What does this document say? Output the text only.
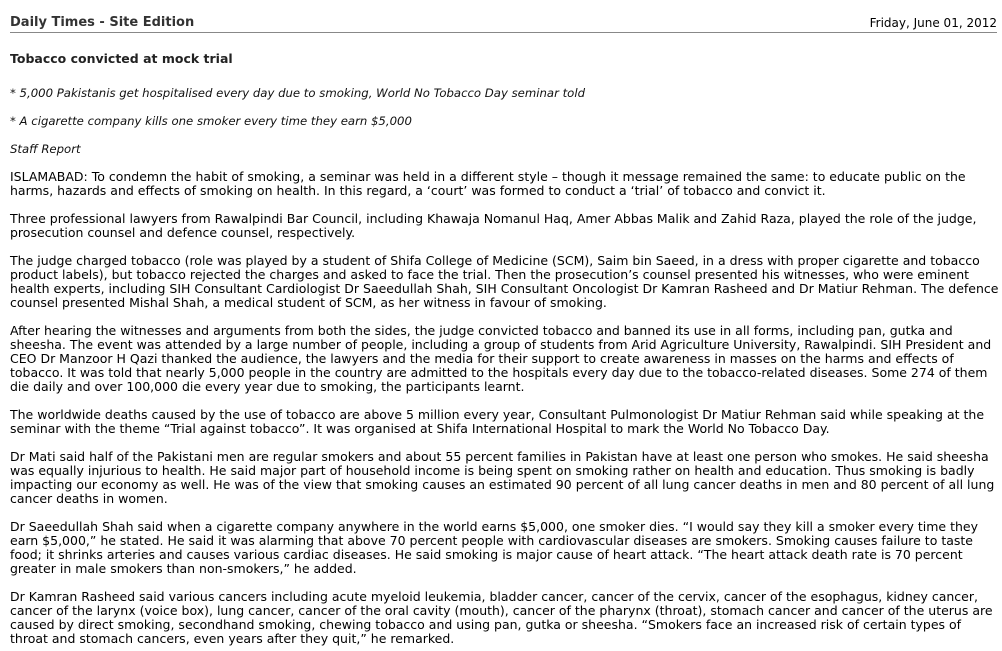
Daily Times - Site Edition	Friday, June 01, 2012
Tobacco convicted at mock trial
* 5,000 Pakistanis get hospitalised every day due to smoking, World No Tobacco Day seminar told
* A cigarette company kills one smoker every time they earn $5,000
Staff Report

ISLAMABAD: To condemn the habit of smoking, a seminar was held in a different style – though it message remained the same: to educate public on the harms, hazards and effects of smoking on health. In this regard, a ‘court’ was formed to conduct a ‘trial’ of tobacco and convict it.

Three professional lawyers from Rawalpindi Bar Council, including Khawaja Nomanul Haq, Amer Abbas Malik and Zahid Raza, played the role of the judge, prosecution counsel and defence counsel, respectively.

The judge charged tobacco (role was played by a student of Shifa College of Medicine (SCM), Saim bin Saeed, in a dress with proper cigarette and tobacco product labels), but tobacco rejected the charges and asked to face the trial. Then the prosecution’s counsel presented his witnesses, who were eminent health experts, including SIH Consultant Cardiologist Dr Saeedullah Shah, SIH Consultant Oncologist Dr Kamran Rasheed and Dr Matiur Rehman. The defence counsel presented Mishal Shah, a medical student of SCM, as her witness in favour of smoking.

After hearing the witnesses and arguments from both the sides, the judge convicted tobacco and banned its use in all forms, including pan, gutka and sheesha. The event was attended by a large number of people, including a group of students from Arid Agriculture University, Rawalpindi. SIH President and CEO Dr Manzoor H Qazi thanked the audience, the lawyers and the media for their support to create awareness in masses on the harms and effects of tobacco. It was told that nearly 5,000 people in the country are admitted to the hospitals every day due to the tobacco-related diseases. Some 274 of them die daily and over 100,000 die every year due to smoking, the participants learnt.

The worldwide deaths caused by the use of tobacco are above 5 million every year, Consultant Pulmonologist Dr Matiur Rehman said while speaking at the seminar with the theme “Trial against tobacco”. It was organised at Shifa International Hospital to mark the World No Tobacco Day.

Dr Mati said half of the Pakistani men are regular smokers and about 55 percent families in Pakistan have at least one person who smokes. He said sheesha was equally injurious to health. He said major part of household income is being spent on smoking rather on health and education. Thus smoking is badly impacting our economy as well. He was of the view that smoking causes an estimated 90 percent of all lung cancer deaths in men and 80 percent of all lung cancer deaths in women.

Dr Saeedullah Shah said when a cigarette company anywhere in the world earns $5,000, one smoker dies. “I would say they kill a smoker every time they earn $5,000,” he stated. He said it was alarming that above 70 percent people with cardiovascular diseases are smokers. Smoking causes failure to taste food; it shrinks arteries and causes various cardiac diseases. He said smoking is major cause of heart attack. “The heart attack death rate is 70 percent greater in male smokers than non-smokers,” he added.

Dr Kamran Rasheed said various cancers including acute myeloid leukemia, bladder cancer, cancer of the cervix, cancer of the esophagus, kidney cancer, cancer of the larynx (voice box), lung cancer, cancer of the oral cavity (mouth), cancer of the pharynx (throat), stomach cancer and cancer of the uterus are caused by direct smoking, secondhand smoking, chewing tobacco and using pan, gutka or sheesha. “Smokers face an increased risk of certain types of throat and stomach cancers, even years after they quit,” he remarked.
